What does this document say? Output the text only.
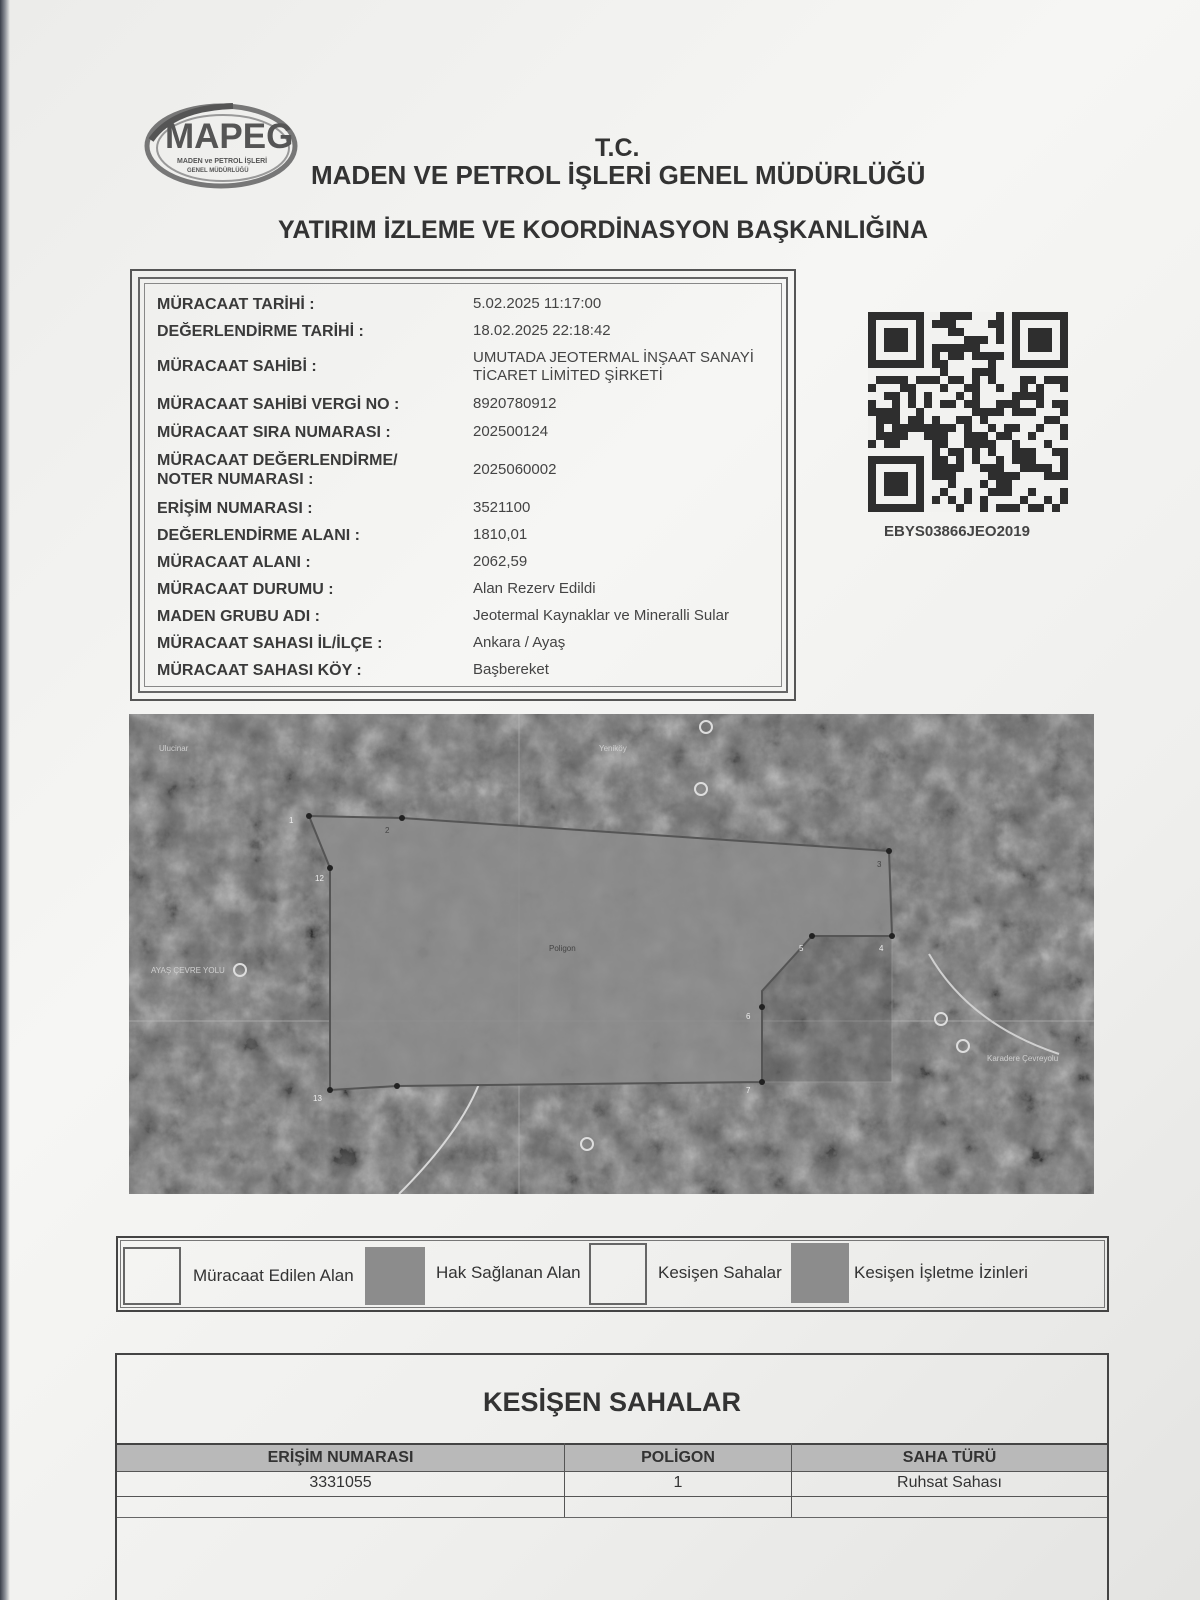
MAPEG
MADEN ve PETROL İŞLERİ
GENEL MÜDÜRLÜĞÜ
T.C.
MADEN VE PETROL İŞLERİ GENEL MÜDÜRLÜĞÜ
YATIRIM İZLEME VE KOORDİNASYON BAŞKANLIĞINA
MÜRACAAT TARİHİ :	5.02.2025 11:17:00
DEĞERLENDİRME TARİHİ :	18.02.2025 22:18:42
MÜRACAAT SAHİBİ :
UMUTADA JEOTERMAL İNŞAAT SANAYİ TİCARET LİMİTED ŞİRKETİ
MÜRACAAT SAHİBİ VERGİ NO :	8920780912
MÜRACAAT SIRA NUMARASI :	202500124
MÜRACAAT DEĞERLENDİRME/ NOTER NUMARASI :
2025060002
ERİŞİM NUMARASI :	3521100
DEĞERLENDİRME ALANI :	1810,01
MÜRACAAT ALANI :	2062,59
MÜRACAAT DURUMU :	Alan Rezerv Edildi
MADEN GRUBU ADI :	Jeotermal Kaynaklar ve Mineralli Sular
MÜRACAAT SAHASI İL/İLÇE :	Ankara / Ayaş
MÜRACAAT SAHASI KÖY :	Başbereket
EBYS03866JEO2019
Poligon
Ulucinar
AYAŞ ÇEVRE YOLU
Yeniköy
Karadere Çevreyolu
1
2
3
4
5
6
7
12
13
Müracaat Edilen Alan	Hak Sağlanan Alan	Kesişen Sahalar	Kesişen İşletme İzinleri
KESİŞEN SAHALAR
ERİŞİM NUMARASI	POLİGON	SAHA TÜRÜ
3331055	1	Ruhsat Sahası
